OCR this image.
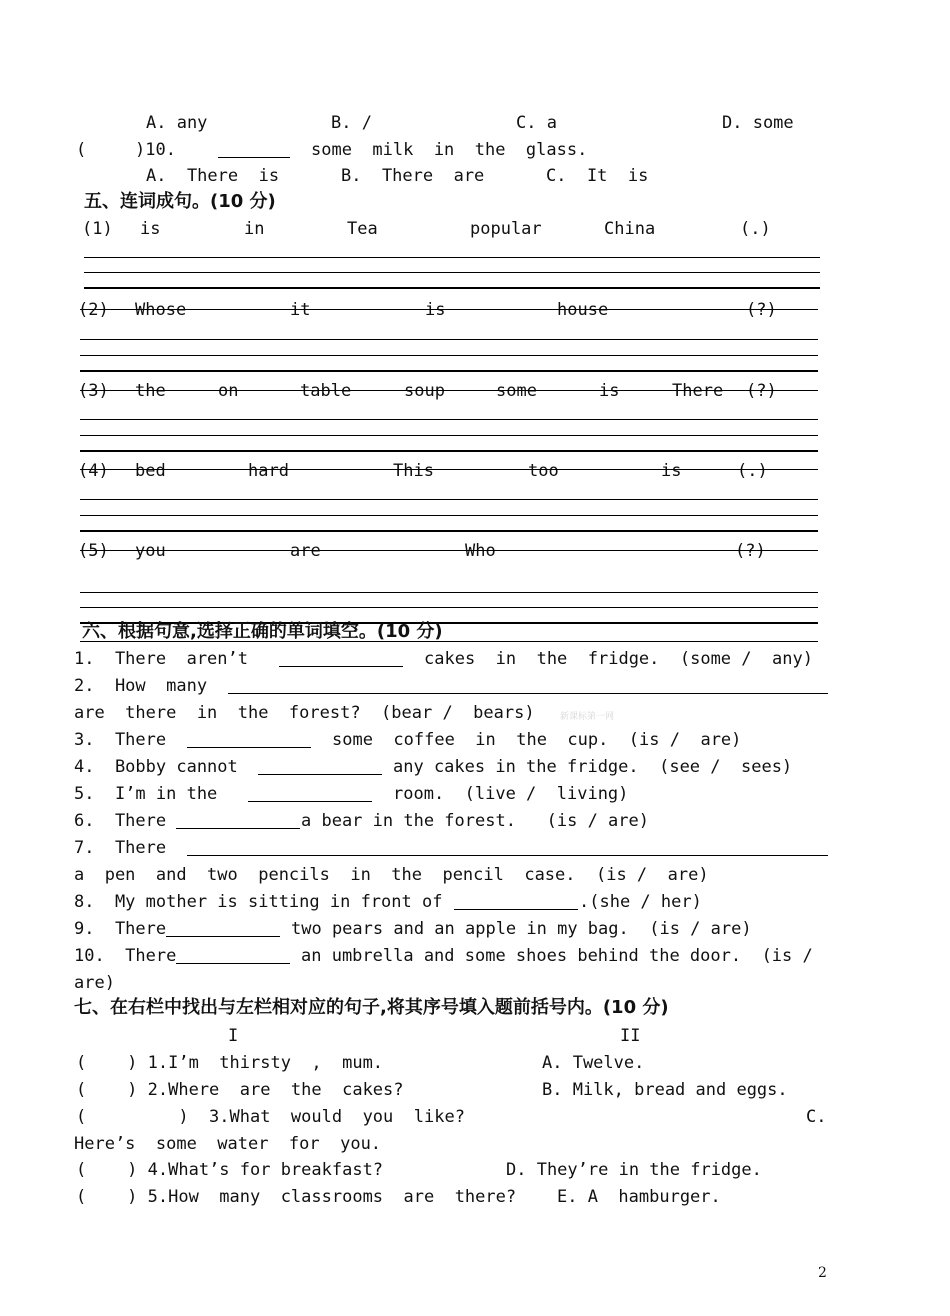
A. any	B. /	C. a	D. some
(	)10.	some  milk  in  the  glass.
A.  There  is	B.  There  are	C.  It  is
五、连词成句。(10 分)
(1) is	in	Tea	popular	China	(.)
(2) Whose	it	is	house	(?)
(3) the	on	table	soup	some	is	There (?)
(4) bed	hard	This	too	is	(.)
(5) you	are	Who	(?)
六、根据句意,选择正确的单词填空。(10 分)
1.  There  aren’t	cakes  in  the  fridge.  (some /  any)
2.  How  many
are  there  in  the  forest?  (bear /  bears)	新课标第一网
3.  There	some  coffee  in  the  cup.  (is /  are)
4.  Bobby cannot	any cakes in the fridge.  (see /  sees)
5.  I’m in the	room.  (live /  living)
6.  There	a bear in the forest.   (is / are)
7.  There
a  pen  and  two  pencils  in  the  pencil  case.  (is /  are)
8.  My mother is sitting in front of	.(she / her)
9.  There	two pears and an apple in my bag.  (is / are)
10.  There	an umbrella and some shoes behind the door.  (is /
are)
七、在右栏中找出与左栏相对应的句子,将其序号填入题前括号内。(10 分)
I	II
(    ) 1.I’m  thirsty  ,  mum.	A. Twelve.
(    ) 2.Where  are  the  cakes?	B. Milk, bread and eggs.
(         )  3.What  would  you  like?	C.
Here’s  some  water  for  you.
(    ) 4.What’s for breakfast?	D. They’re in the fridge.
(    ) 5.How  many  classrooms  are  there? E. A  hamburger.
2
